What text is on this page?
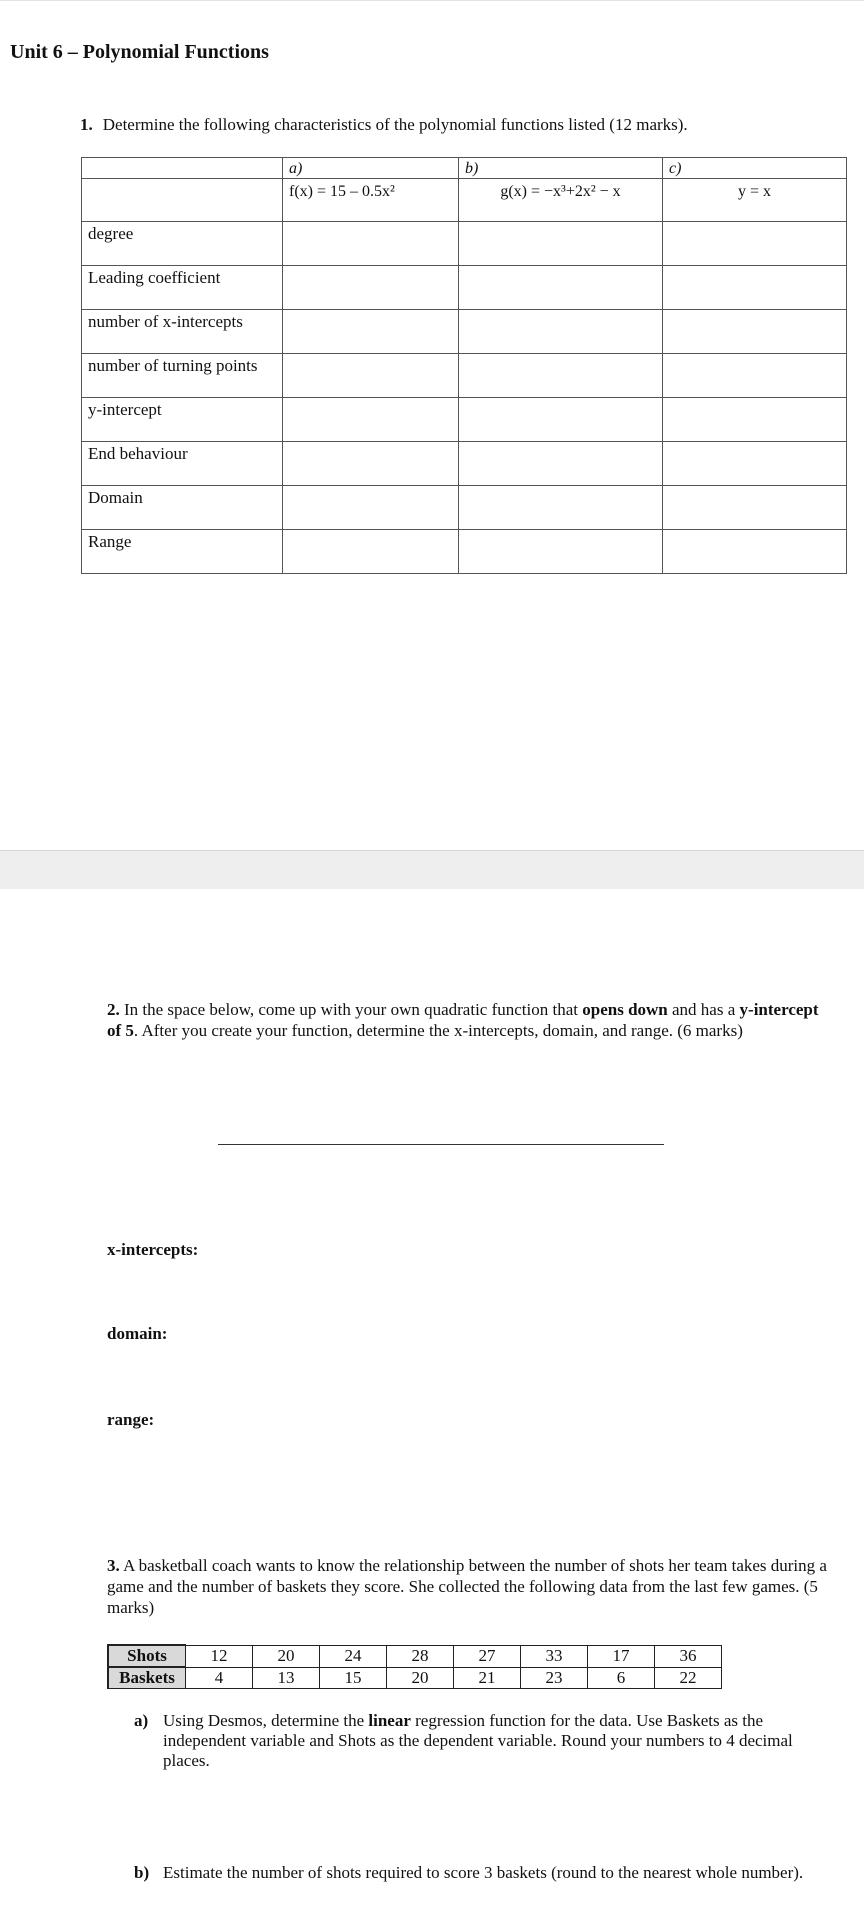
Unit 6 – Polynomial Functions
1. Determine the following characteristics of the polynomial functions listed (12 marks).
	a)	b)	c)
	f(x) = 15 – 0.5x²	g(x) = −x³+2x² − x	y = x
degree			
Leading coefficient			
number of x-intercepts			
number of turning points			
y-intercept			
End behaviour			
Domain			
Range			
2. In the space below, come up with your own quadratic function that opens down and has a y-intercept of 5. After you create your function, determine the x-intercepts, domain, and range. (6 marks)
x-intercepts:
domain:
range:
3. A basketball coach wants to know the relationship between the number of shots her team takes during a game and the number of baskets they score. She collected the following data from the last few games. (5 marks)
Shots	12	20	24	28	27	33	17	36
Baskets	4	13	15	20	21	23	6	22
a) Using Desmos, determine the linear regression function for the data. Use Baskets as the independent variable and Shots as the dependent variable. Round your numbers to 4 decimal places.
b) Estimate the number of shots required to score 3 baskets (round to the nearest whole number).
